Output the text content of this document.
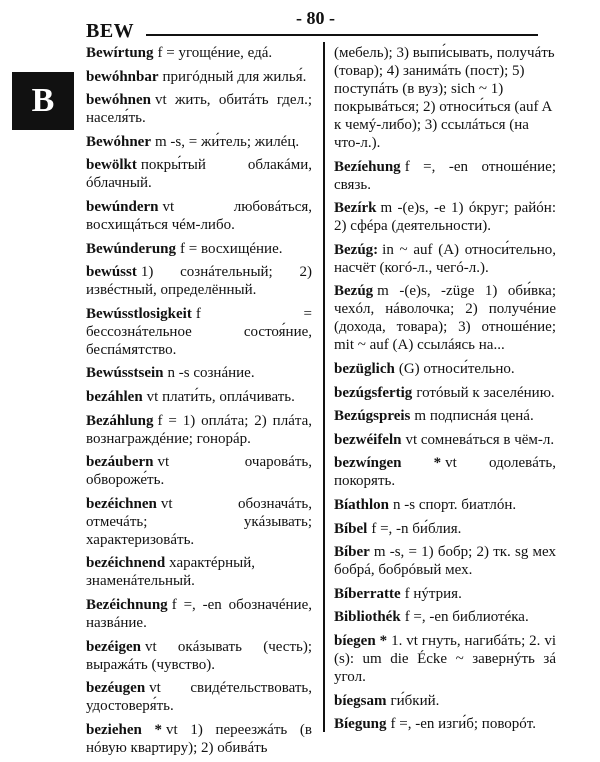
BEW
- 80 -
B
Bewírtung f = угощéние, едá.
bewóhnbar пригóдный для жилья́.
bewóhnen vt жить, обитáть гдел.; населя́ть.
Bewóhner m -s, = жи́тель; жилéц.
bewölkt покры́тый облакáми, óблачный.
bewúndern vt любовáться, восхищáться чéм-либо.
Bewúnderung f = восхищéние.
bewússt 1) сознáтельный; 2) извéстный, определённый.
Bewússtlosigkeit f = бессознáтельное состоя́ние, беспáмятство.
Bewússtsein n -s сознáние.
bezáhlen vt плати́ть, оплáчивать.
Bezáhlung f = 1) оплáта; 2) плáта, вознаграждéние; гонорáр.
bezáubern vt очаровáть, обвороже́ть.
bezéichnen vt обозначáть, отмечáть; укáзывать; характеризовáть.
bezéichnend характéрный, знаменáтельный.
Bezéichnung f =, -en обозначéние, назвáние.
bezéigen vt окáзывать (честь); выражáть (чувство).
bezéugen vt свидéтельствовать, удостоверя́ть.
beziehen * vt 1) переезжáть (в нóвую квартиру); 2) обивáть
(мебель); 3) выпи́сывать, получáть (товар); 4) занимáть (пост); 5) поступáть (в вуз); sich ~ 1) покрывáться; 2) относи́ться (auf A к чемý-либо); 3) ссылáться (на что-л.).
Bezíehung f =, -en отношéние; связь.
Bezírk m -(e)s, -e 1) óкруг; райóн: 2) сфéра (деятельности).
Bezúg: in ~ auf (A) относи́тельно, насчёт (когó-л., чегó-л.).
Bezúg m -(e)s, -züge 1) оби́вка; чехóл, нáволочка; 2) получéние (дохода, товара); 3) отношéние; mit ~ auf (A) ссылáясь на...
bezüglich (G) относи́тельно.
bezúgsfertig готóвый к заселéнию.
Bezúgspreis m подписнáя ценá.
bezwéifeln vt сомневáться в чём-л.
bezwíngen * vt одолевáть, покорять.
Bíathlon n -s спорт. биатлóн.
Bíbel f =, -n би́блия.
Bíber m -s, = 1) бобр; 2) тк. sg мех бобрá, бобрóвый мех.
Bíberratte f нýтрия.
Bibliothék f =, -en библиотéка.
bíegen * 1. vt гнуть, нагибáть; 2. vi (s): um die Écke ~ завернýть зá угол.
bíegsam ги́бкий.
Bíegung f =, -en изги́б; поворóт.
